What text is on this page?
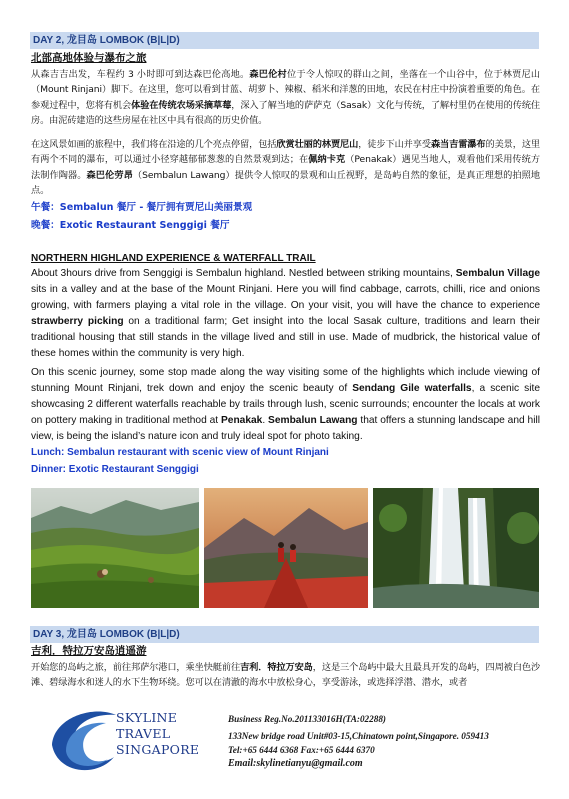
DAY 2, 龙目岛 LOMBOK (B|L|D)
北部高地体验与瀑布之旅
从森吉吉出发，车程约 3 小时即可到达森巴伦高地。森巴伦村位于令人惊叹的群山之间，坐落在一个山谷中，位于林贾尼山（Mount Rinjani）脚下。在这里，您可以看到甘蓝、胡萝卜、辣椒、稻米和洋葱的田地，农民在村庄中扮演着重要的角色。在参观过程中，您将有机会体验在传统农场采摘草莓，深入了解当地的萨萨克（Sasak）文化与传统，了解村里仍在使用的传统住房。由泥砖建造的这些房屋在社区中具有很高的历史价值。
在这风景如画的旅程中，我们将在沿途的几个亮点停留，包括欣赏壮丽的林贾尼山，徒步下山并享受森当吉雷瀑布的美景，这里有两个不同的瀑布，可以通过小径穿越郁郁葱葱的自然景观到达；在佩纳卡克（Penakak）遇见当地人，观看他们采用传统方法制作陶器。森巴伦劳昂（Sembalun Lawang）提供令人惊叹的景观和山丘视野，是岛屿自然的象征，是真正理想的拍照地点。
午餐：Sembalun 餐厅 - 餐厅拥有贾尼山美丽景观
晚餐：Exotic Restaurant Senggigi 餐厅
NORTHERN HIGHLAND EXPERIENCE & WATERFALL TRAIL
About 3hours drive from Senggigi is Sembalun highland. Nestled between striking mountains, Sembalun Village sits in a valley and at the base of the Mount Rinjani. Here you will find cabbage, carrots, chilli, rice and onions growing, with farmers playing a vital role in the village. On your visit, you will have the chance to experience strawberry picking on a traditional farm; Get insight into the local Sasak culture, traditions and learn their traditional housing that still stands in the village lived and still in use. Made of mudbrick, the historical value of these homes within the community is very high.
On this scenic journey, some stop made along the way visiting some of the highlights which include viewing of stunning Mount Rinjani, trek down and enjoy the scenic beauty of Sendang Gile waterfalls, a scenic site showcasing 2 different waterfalls reachable by trails through lush, scenic surrounds; encounter the locals at work on pottery making in traditional method at Penakak. Sembalun Lawang that offers a stunning landscape and hill view, is being the island’s nature icon and truly ideal spot for photo taking.
Lunch: Sembalun restaurant with scenic view of Mount Rinjani
Dinner: Exotic Restaurant Senggigi
DAY 3, 龙目岛 LOMBOK (B|L|D)
吉利．特拉万安岛逍遥游
开始您的岛屿之旅，前往邦萨尔港口，乘坐快艇前往吉利．特拉万安岛，这是三个岛屿中最大且最具开发的岛屿，四周被白色沙滩、碧绿海水和迷人的水下生物环绕。您可以在清澈的海水中放松身心，享受游泳，或选择浮潜、潜水，或者
SKYLINE
TRAVEL
SINGAPORE
Business Reg.No.201133016H(TA:02288)
133New bridge road Unit#03-15,Chinatown point,Singapore. 059413
Tel:+65 6444 6368 Fax:+65 6444 6370
Email:skylinetianyu@gmail.com
